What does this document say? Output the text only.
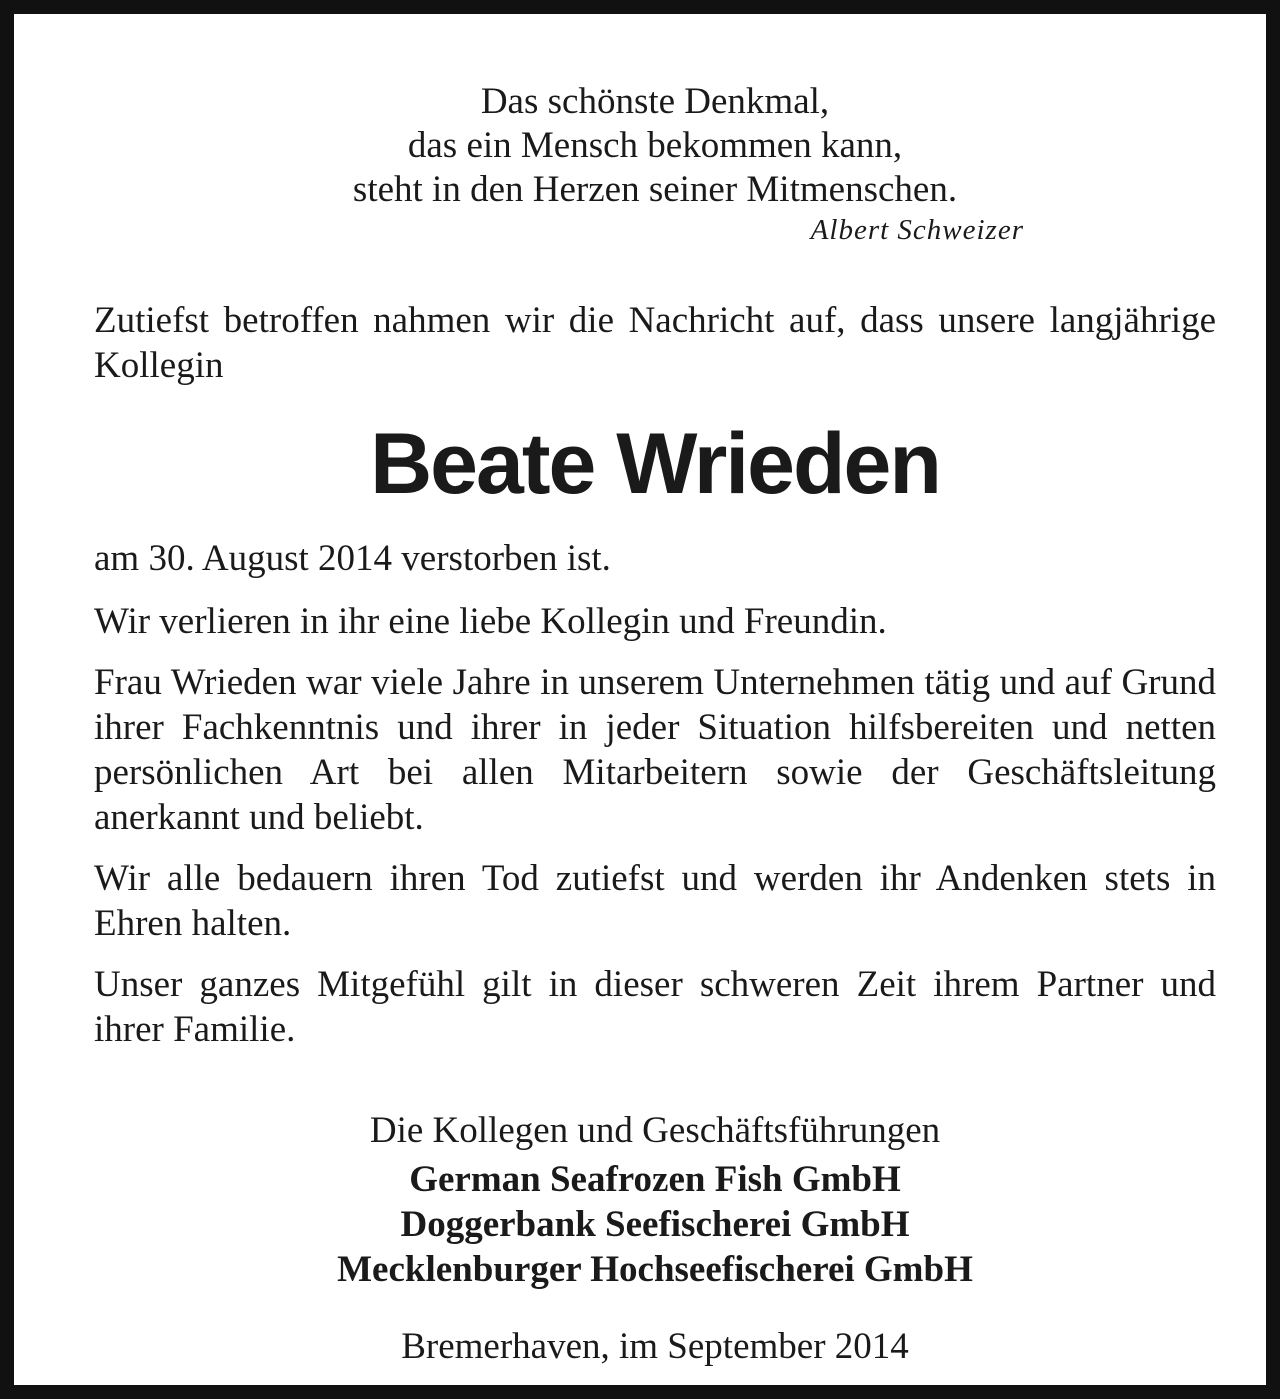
Das schönste Denkmal,
das ein Mensch bekommen kann,
steht in den Herzen seiner Mitmenschen.
Albert Schweizer
Zutiefst betroffen nahmen wir die Nachricht auf, dass unsere langjährige Kollegin
Beate Wrieden
am 30. August 2014 verstorben ist.
Wir verlieren in ihr eine liebe Kollegin und Freundin.
Frau Wrieden war viele Jahre in unserem Unternehmen tätig und auf Grund ihrer Fachkenntnis und ihrer in jeder Situation hilfsbereiten und netten persönlichen Art bei allen Mitarbeitern sowie der Geschäftsleitung anerkannt und beliebt.
Wir alle bedauern ihren Tod zutiefst und werden ihr Andenken stets in Ehren halten.
Unser ganzes Mitgefühl gilt in dieser schweren Zeit ihrem Partner und ihrer Familie.
Die Kollegen und Geschäftsführungen
German Seafrozen Fish GmbH
Doggerbank Seefischerei GmbH
Mecklenburger Hochseefischerei GmbH
Bremerhaven, im September 2014
